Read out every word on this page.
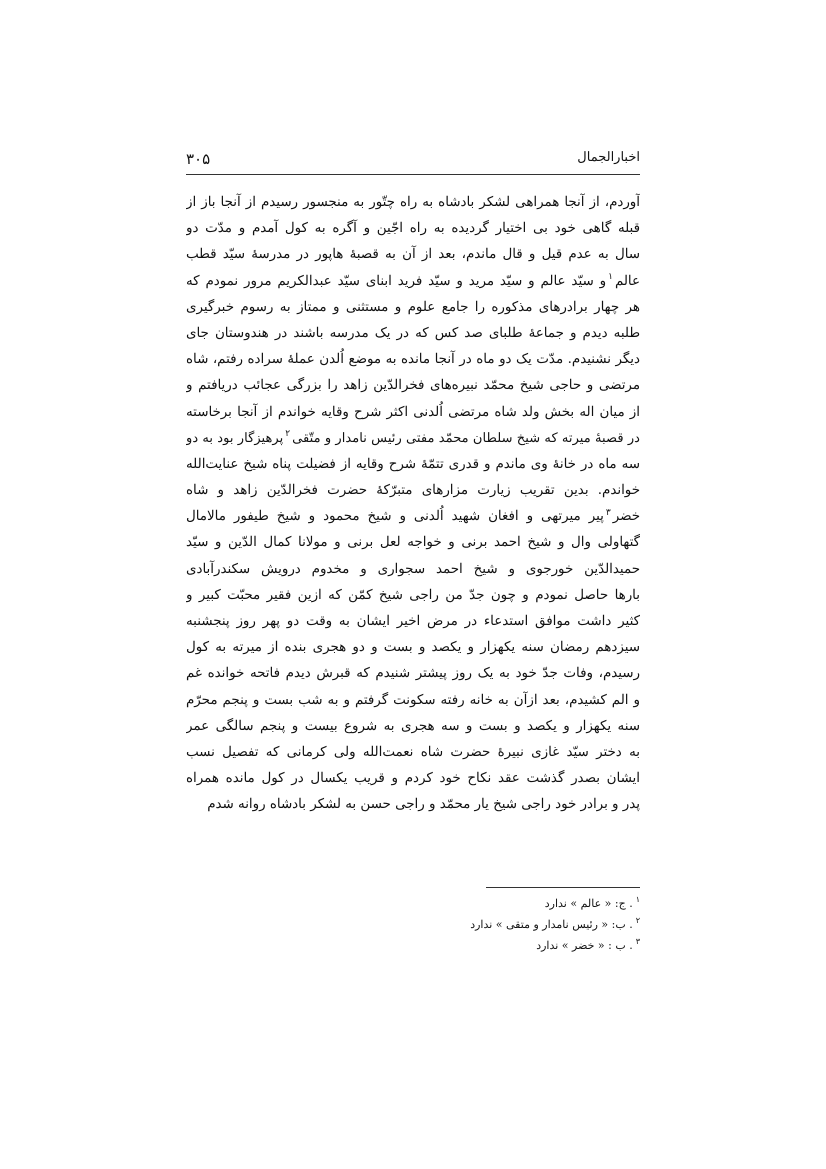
اخبارالجمال
۳۰۵
آوردم، از آنجا همراهی لشکر بادشاه به راه چتّور به منجسور رسیدم از آنجا باز از
قبله گاهی خود بی اختیار گردیده به راه اجّین و آگره به کول آمدم و مدّت دو
سال به عدم قیل و قال ماندم، بعد از آن به قصبهٔ هاپور در مدرسهٔ سیّد قطب
عالم$^۱$و سیّد عالم و سیّد مرید و سیّد فرید ابنای سیّد عبدالکریم مرور نمودم که
هر چهار برادرهای مذکوره را جامع علوم و مستثنی و ممتاز به رسوم خبرگیری
طلبه دیدم و جماعهٔ طلبای صد کس که در یک مدرسه باشند در هندوستان جای
دیگر نشنیدم. مدّت یک دو ماه در آنجا مانده به موضع اُلدن عملهٔ سراده رفتم، شاه
مرتضی و حاجی شیخ محمّد نبیره‌های فخرالدّین زاهد را بزرگی عجائب دریافتم و
از میان اله بخش ولد شاه مرتضی اُلدنی اکثر شرح وقایه خواندم از آنجا برخاسته
در قصبهٔ میرته که شیخ سلطان محمّد مفتی رئیس نامدار و متّقی$^۲$پرهیزگار بود به دو
سه ماه در خانهٔ وی ماندم و قدری تتمّهٔ شرح وقایه از فضیلت پناه شیخ عنایت‌الله
خواندم. بدین تقریب زیارت مزارهای متبرّکهٔ حضرت فخرالدّین زاهد و شاه
خضر$^۳$پیر میرتهی و افغان شهید اُلدنی و شیخ محمود و شیخ طیفور مالامال
گتهاولی وال و شیخ احمد برنی و خواجه لعل برنی و مولانا کمال الدّین و سیّد
حمیدالدّین خورجوی و شیخ احمد سجواری و مخدوم درویش سکندرآبادی
بارها حاصل نمودم و چون جدّ من راجی شیخ کمّن که ازین فقیر محبّت کبیر و
کثیر داشت موافق استدعاء در مرض اخیر ایشان به وقت دو پهر روز پنجشنبه
سیزدهم رمضان سنه یکهزار و یکصد و بست و دو هجری بنده از میرته به کول
رسیدم، وفات جدّ خود به یک روز پیشتر شنیدم که قبرش دیدم فاتحه خوانده غم
و الم کشیدم، بعد ازآن به خانه رفته سکونت گرفتم و به شب بست و پنجم محرّم
سنه یکهزار و یکصد و بست و سه هجری به شروع بیست و پنجم سالگی عمر
به دختر سیّد غازی نبیرهٔ حضرت شاه نعمت‌الله ولی کرمانی که تفصیل نسب
ایشان بصدر گذشت عقد نکاح خود کردم و قریب یکسال در کول مانده همراه
پدر و برادر خود راجی شیخ یار محمّد و راجی حسن به لشکر بادشاه روانه شدم
$^۱$. ج: « عالم » ندارد
$^۲$. ب: « رئیس نامدار و متقی » ندارد
$^۳$. ب : « خضر » ندارد
